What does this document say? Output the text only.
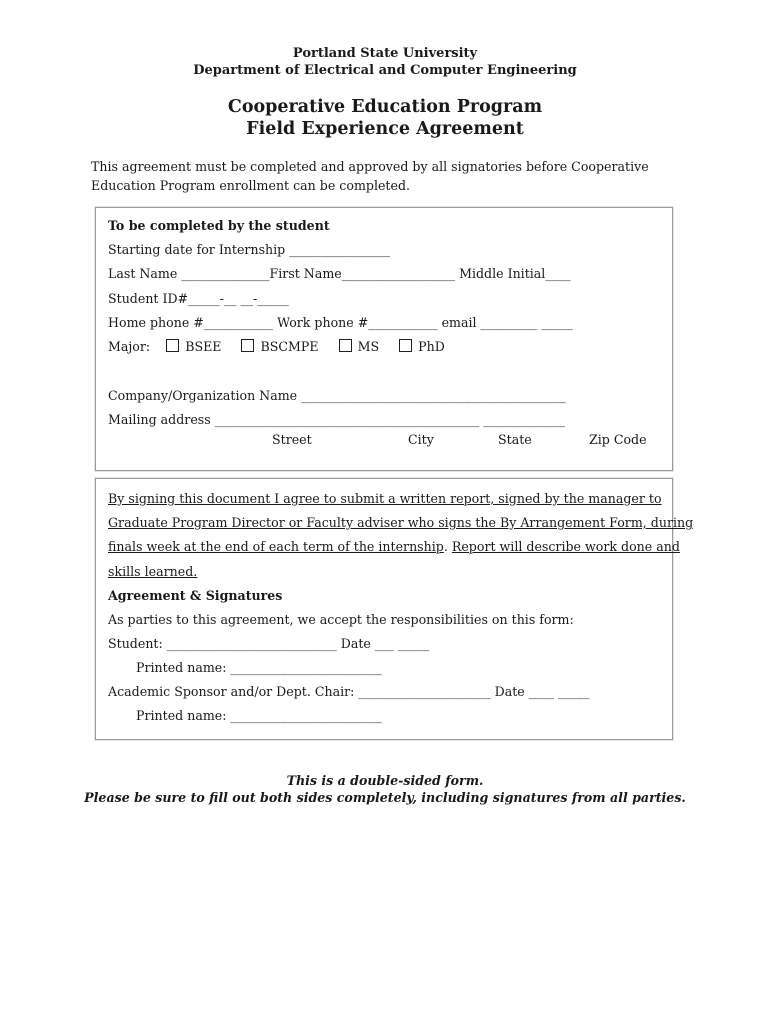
Portland State University
Department of Electrical and Computer Engineering
Cooperative Education Program
Field Experience Agreement
This agreement must be completed and approved by all signatories before Cooperative
Education Program enrollment can be completed.
To be completed by the student
Starting date for Internship ________________
Last Name ______________First Name__________________ Middle Initial____
Student ID#_____-__ __-_____
Home phone #___________ Work phone #___________ email _________ _____
Major:	BSEE	BSCMPE	MS	PhD
Company/Organization Name __________________________________________
Mailing address __________________________________________ _____________
Street	City	State	Zip Code
By signing this document I agree to submit a written report, signed by the manager to
Graduate Program Director or Faculty adviser who signs the By Arrangement Form, during
finals week at the end of each term of the internship. Report will describe work done and
skills learned.
Agreement & Signatures
As parties to this agreement, we accept the responsibilities on this form:
Student: ___________________________ Date ___ _____
Printed name: ________________________
Academic Sponsor and/or Dept. Chair: _____________________ Date ____ _____
Printed name: ________________________
This is a double-sided form.
Please be sure to fill out both sides completely, including signatures from all parties.
